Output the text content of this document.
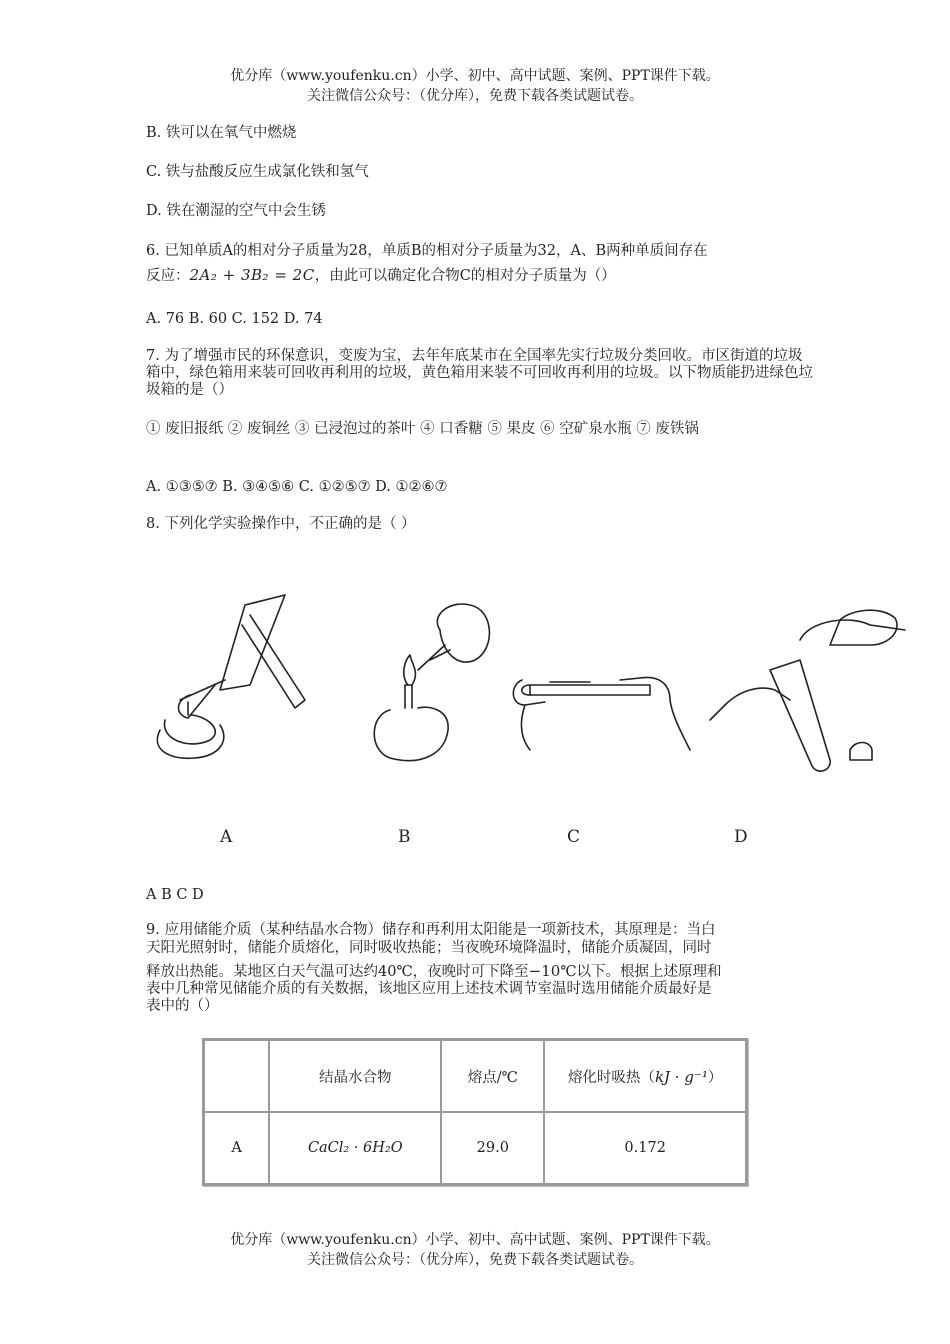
优分库（www.youfenku.cn）小学、初中、高中试题、案例、PPT课件下载。
关注微信公众号：（优分库），免费下载各类试题试卷。
B. 铁可以在氧气中燃烧
C. 铁与盐酸反应生成氯化铁和氢气
D. 铁在潮湿的空气中会生锈
6. 已知单质A的相对分子质量为28，单质B的相对分子质量为32，A、B两种单质间存在
反应：2A₂ + 3B₂ = 2C，由此可以确定化合物C的相对分子质量为（）
A. 76 B. 60 C. 152 D. 74
7. 为了增强市民的环保意识，变废为宝，去年年底某市在全国率先实行垃圾分类回收。市区街道的垃圾箱中，绿色箱用来装可回收再利用的垃圾，黄色箱用来装不可回收再利用的垃圾。以下物质能扔进绿色垃圾箱的是（）
① 废旧报纸 ② 废铜丝 ③ 已浸泡过的茶叶 ④ 口香糖 ⑤ 果皮 ⑥ 空矿泉水瓶 ⑦ 废铁锅
A. ①③⑤⑦ B. ③④⑤⑥ C. ①②⑤⑦ D. ①②⑥⑦
8. 下列化学实验操作中，不正确的是（ ）
A	B	C	D
A B C D
9. 应用储能介质（某种结晶水合物）储存和再利用太阳能是一项新技术，其原理是：当白
天阳光照射时，储能介质熔化，同时吸收热能；当夜晚环境降温时，储能介质凝固，同时
释放出热能。某地区白天气温可达约40℃，夜晚时可下降至−10℃以下。根据上述原理和
表中几种常见储能介质的有关数据，该地区应用上述技术调节室温时选用储能介质最好是
表中的（）
	结晶水合物	熔点/℃	熔化时吸热（kJ · g⁻¹）
A	CaCl₂ · 6H₂O	29.0	0.172
优分库（www.youfenku.cn）小学、初中、高中试题、案例、PPT课件下载。
关注微信公众号：（优分库），免费下载各类试题试卷。
